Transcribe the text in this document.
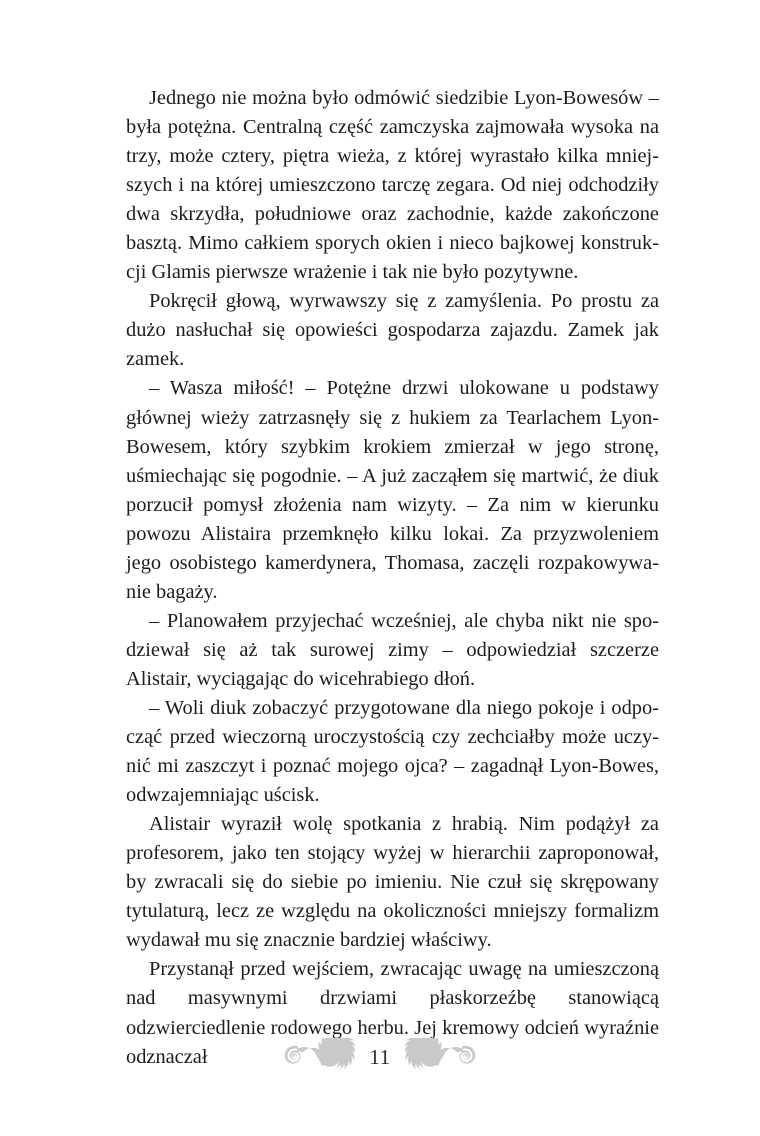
Jednego nie można było odmówić siedzibie Lyon-Bowesów – była potężna. Centralną część zamczyska zajmowała wysoka na trzy, może cztery, piętra wieża, z której wyrastało kilka mniejszych i na której umieszczono tarczę zegara. Od niej odchodziły dwa skrzydła, południowe oraz zachodnie, każde zakończone basztą. Mimo całkiem sporych okien i nieco bajkowej konstrukcji Glamis pierwsze wrażenie i tak nie było pozytywne.

Pokręcił głową, wyrwawszy się z zamyślenia. Po prostu za dużo nasłuchał się opowieści gospodarza zajazdu. Zamek jak zamek.

– Wasza miłość! – Potężne drzwi ulokowane u podstawy głównej wieży zatrzasnęły się z hukiem za Tearlachem Lyon-Bowesem, który szybkim krokiem zmierzał w jego stronę, uśmiechając się pogodnie. – A już zacząłem się martwić, że diuk porzucił pomysł złożenia nam wizyty. – Za nim w kierunku powozu Alistaira przemknęło kilku lokai. Za przyzwoleniem jego osobistego kamerdynera, Thomasa, zaczęli rozpakowywanie bagaży.

– Planowałem przyjechać wcześniej, ale chyba nikt nie spodziewał się aż tak surowej zimy – odpowiedział szczerze Alistair, wyciągając do wicehrabiego dłoń.

– Woli diuk zobaczyć przygotowane dla niego pokoje i odpocząć przed wieczorną uroczystością czy zechciałby może uczynić mi zaszczyt i poznać mojego ojca? – zagadnął Lyon-Bowes, odwzajemniając uścisk.

Alistair wyraził wolę spotkania z hrabią. Nim podążył za profesorem, jako ten stojący wyżej w hierarchii zaproponował, by zwracali się do siebie po imieniu. Nie czuł się skrępowany tytulaturą, lecz ze względu na okoliczności mniejszy formalizm wydawał mu się znacznie bardziej właściwy.

Przystanął przed wejściem, zwracając uwagę na umieszczoną nad masywnymi drzwiami płaskorzeźbę stanowiącą odzwierciedlenie rodowego herbu. Jej kremowy odcień wyraźnie odznaczał	11
